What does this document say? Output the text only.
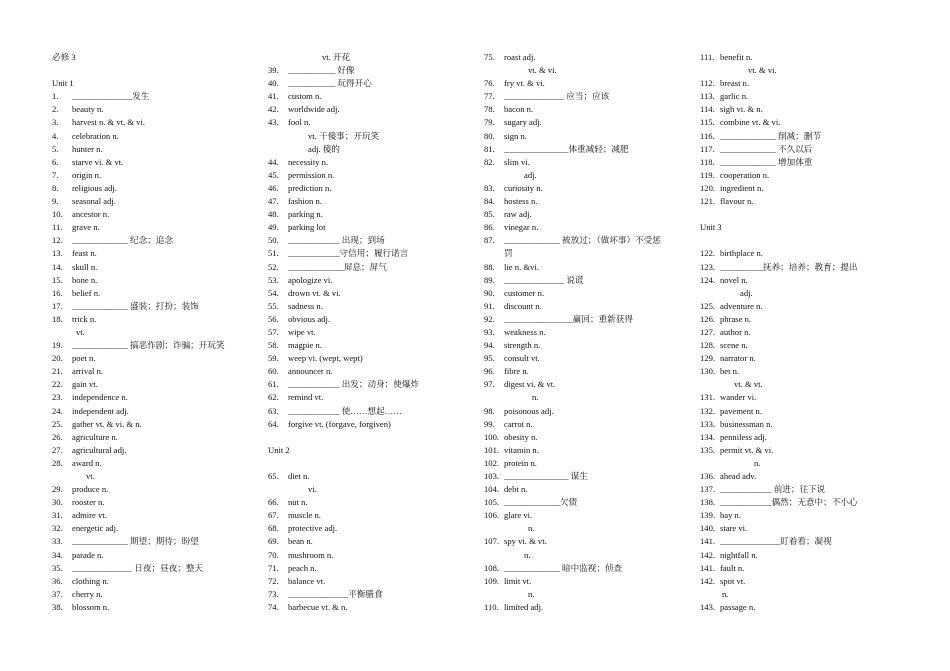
必修 3
Unit 1
1. ______________发生
2. beauty n.
3. harvest n. & vt. & vi.
4. celebration n.
5. hunter n.
6. starve vi. & vt.
7. origin n.
8. religious adj.
9. seasonal adj.
10. ancestor n.
11. grave n.
12. _____________ 纪念；追念
13. feast n.
14. skull n.
15. bone n.
16. belief n.
17. _____________ 盛装；打扮；装饰
18. trick n.
vt.
19. _____________ 搞恶作剧；诈骗；开玩笑
20. poet n.
21. arrival n.
22. gain vt.
23. independence n.
24. independent adj.
25. gather vt. & vi. & n.
26. agriculture n.
27. agricultural adj.
28. award n.
vt.
29. produce n.
30. rooster n.
31. admire vt.
32. energetic adj.
33. _____________ 期望；期待；盼望
34. parade n.
35. ______________ 日夜；昼夜；整天
36. clothing n.
37. cherry n.
38. blossom n.
vt. 开花
39. ___________ 好像
40. ___________ 玩得开心
41. custom n.
42. worldwide adj.
43. fool n.
vt. 干傻事；开玩笑
adj. 傻的
44. necessity n.
45. permission n.
46. prediction n.
47. fashion n.
48. parking n.
49. parking lot
50. ____________ 出现；到场
51. ____________守信用；履行诺言
52. _____________屏息；屏气
53. apologize vi.
54. drown vt. & vi.
55. sadness n.
56. obvious adj.
57. wipe vt.
58. magpie n.
59. weep vi. (wept, wept)
60. announcer n.
61. ____________ 出发；动身；使爆炸
62. remind vt.
63. ____________ 使……想起……
64. forgive vt. (forgave, forgiven)
Unit 2
65. diet n.
vi.
66. nut n.
67. muscle n.
68. protective adj.
69. bean n.
70. mushroom n.
71. peach n.
72. balance vt.
73. ______________平衡膳食
74. barbecue vt. & n.
75. roast adj.
vt. & vi.
76. fry vt. & vi.
77. ______________ 应当；应该
78. bacon n.
79. sugary adj.
80. sign n.
81. _______________体重减轻；减肥
82. slim vi.
adj.
83. curiosity n.
84. hostess n.
85. raw adj.
86. vinegar n.
87. _____________ 被放过；（做坏事）不受惩
罚
88. lie n. &vi.
89. ______________ 说谎
90. customer n.
91. discount n.
92. ________________赢回；重新获得
93. weakness n.
94. strength n.
95. consult vt.
96. fibre n.
97. digest vi. & vt.
n.
98. poisonous adj.
99. carrot n.
100. obesity n.
101. vitamin n.
102. protein n.
103. _______________ 谋生
104. debt n.
105. _____________欠债
106. glare vi.
n.
107. spy vi. & vt.
n.
108. _____________ 暗中监视；侦查
109. limit vt.
n.
110. limited adj.
111. benefit n.
vt. & vi.
112. breast n.
113. garlic n.
114. sigh vi. & n.
115. combine vt. & vi.
116. _____________ 削减；删节
117. _____________ 不久以后
118. _____________ 增加体重
119. cooperation n.
120. ingredient n.
121. flavour n.
Unit 3
122. birthplace n.
123. __________抚养；培养；教育；提出
124. novel n.
adj.
125. adventure n.
126. phrase n.
127. author n.
128. scene n.
129. narrator n.
130. bet n.
vt. & vt.
131. wander vi.
132. pavement n.
133. businessman n.
134. penniless adj.
135. permit vt. & vi.
n.
136. ahead adv.
137. ____________ 前进；往下说
138. ____________偶然；无意中；不小心
139. bay n.
140. stare vi.
141. ______________盯着看；凝视
142. nightfall n.
141. fault n.
142. spot vt.
n.
143. passage n.
